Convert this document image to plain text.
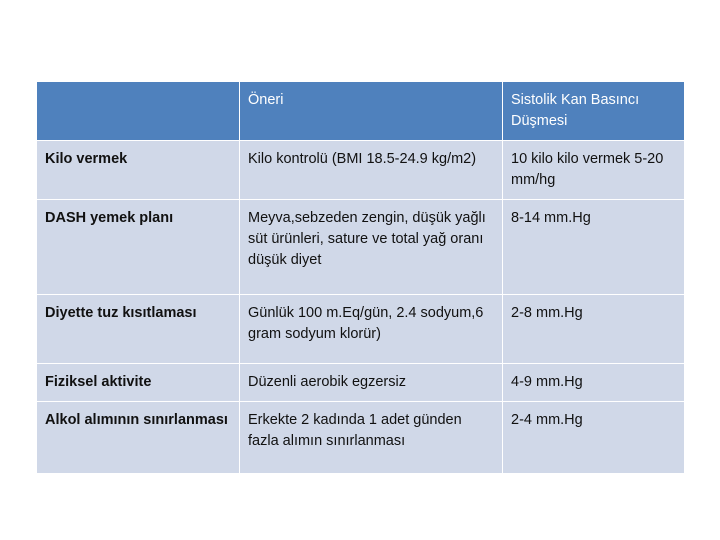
	Öneri	Sistolik Kan Basıncı Düşmesi
Kilo vermek	Kilo kontrolü (BMI 18.5-24.9 kg/m2)	10 kilo kilo vermek 5-20 mm/hg
DASH yemek planı	Meyva,sebzeden zengin, düşük yağlı süt ürünleri, sature ve total yağ oranı düşük diyet	8-14 mm.Hg
Diyette tuz kısıtlaması	Günlük 100 m.Eq/gün, 2.4 sodyum,6 gram sodyum klorür)	2-8 mm.Hg
Fiziksel aktivite	Düzenli aerobik egzersiz	4-9 mm.Hg
Alkol alımının sınırlanması	Erkekte 2 kadında 1 adet günden fazla alımın sınırlanması	2-4 mm.Hg
